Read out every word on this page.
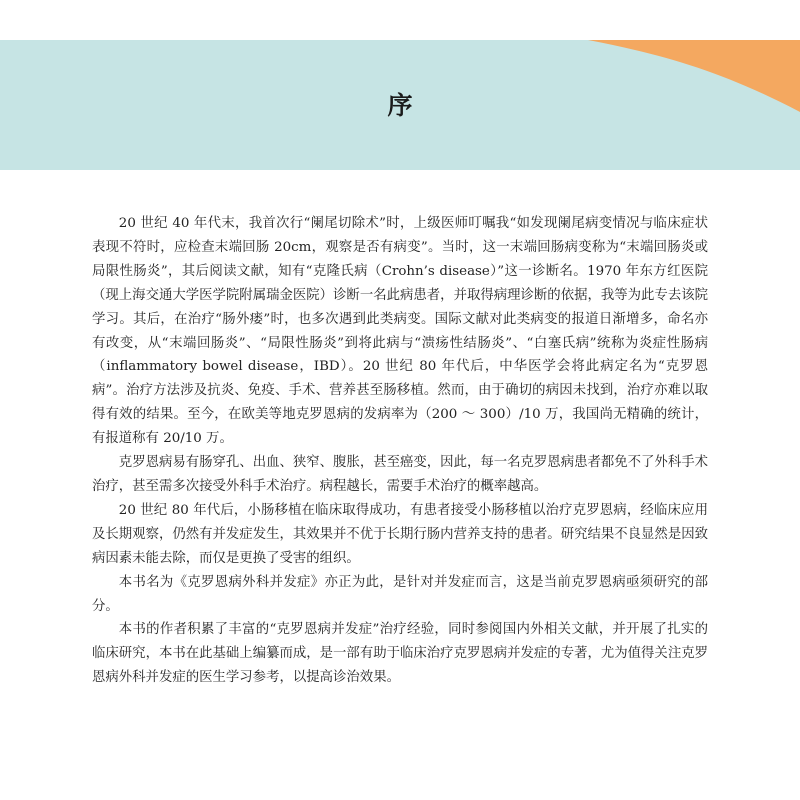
序

20 世纪 40 年代末，我首次行“阑尾切除术”时，上级医师叮嘱我“如发现阑尾病变情况与临床症状表现不符时，应检查末端回肠 20cm，观察是否有病变”。当时，这一末端回肠病变称为“末端回肠炎或局限性肠炎”，其后阅读文献，知有“克隆氏病（Crohn’s disease）”这一诊断名。1970 年东方红医院（现上海交通大学医学院附属瑞金医院）诊断一名此病患者，并取得病理诊断的依据，我等为此专去该院学习。其后，在治疗“肠外瘘”时，也多次遇到此类病变。国际文献对此类病变的报道日渐增多，命名亦有改变，从“末端回肠炎”、“局限性肠炎”到将此病与“溃疡性结肠炎”、“白塞氏病”统称为炎症性肠病（inflammatory bowel disease，IBD）。20 世纪 80 年代后，中华医学会将此病定名为“克罗恩病”。治疗方法涉及抗炎、免疫、手术、营养甚至肠移植。然而，由于确切的病因未找到，治疗亦难以取得有效的结果。至今，在欧美等地克罗恩病的发病率为（200 ～ 300）/10 万，我国尚无精确的统计，有报道称有 20/10 万。

克罗恩病易有肠穿孔、出血、狭窄、腹胀，甚至癌变，因此，每一名克罗恩病患者都免不了外科手术治疗，甚至需多次接受外科手术治疗。病程越长，需要手术治疗的概率越高。

20 世纪 80 年代后，小肠移植在临床取得成功，有患者接受小肠移植以治疗克罗恩病，经临床应用及长期观察，仍然有并发症发生，其效果并不优于长期行肠内营养支持的患者。研究结果不良显然是因致病因素未能去除，而仅是更换了受害的组织。

本书名为《克罗恩病外科并发症》亦正为此，是针对并发症而言，这是当前克罗恩病亟须研究的部分。

本书的作者积累了丰富的“克罗恩病并发症”治疗经验，同时参阅国内外相关文献，并开展了扎实的临床研究，本书在此基础上编纂而成，是一部有助于临床治疗克罗恩病并发症的专著，尤为值得关注克罗恩病外科并发症的医生学习参考，以提高诊治效果。
